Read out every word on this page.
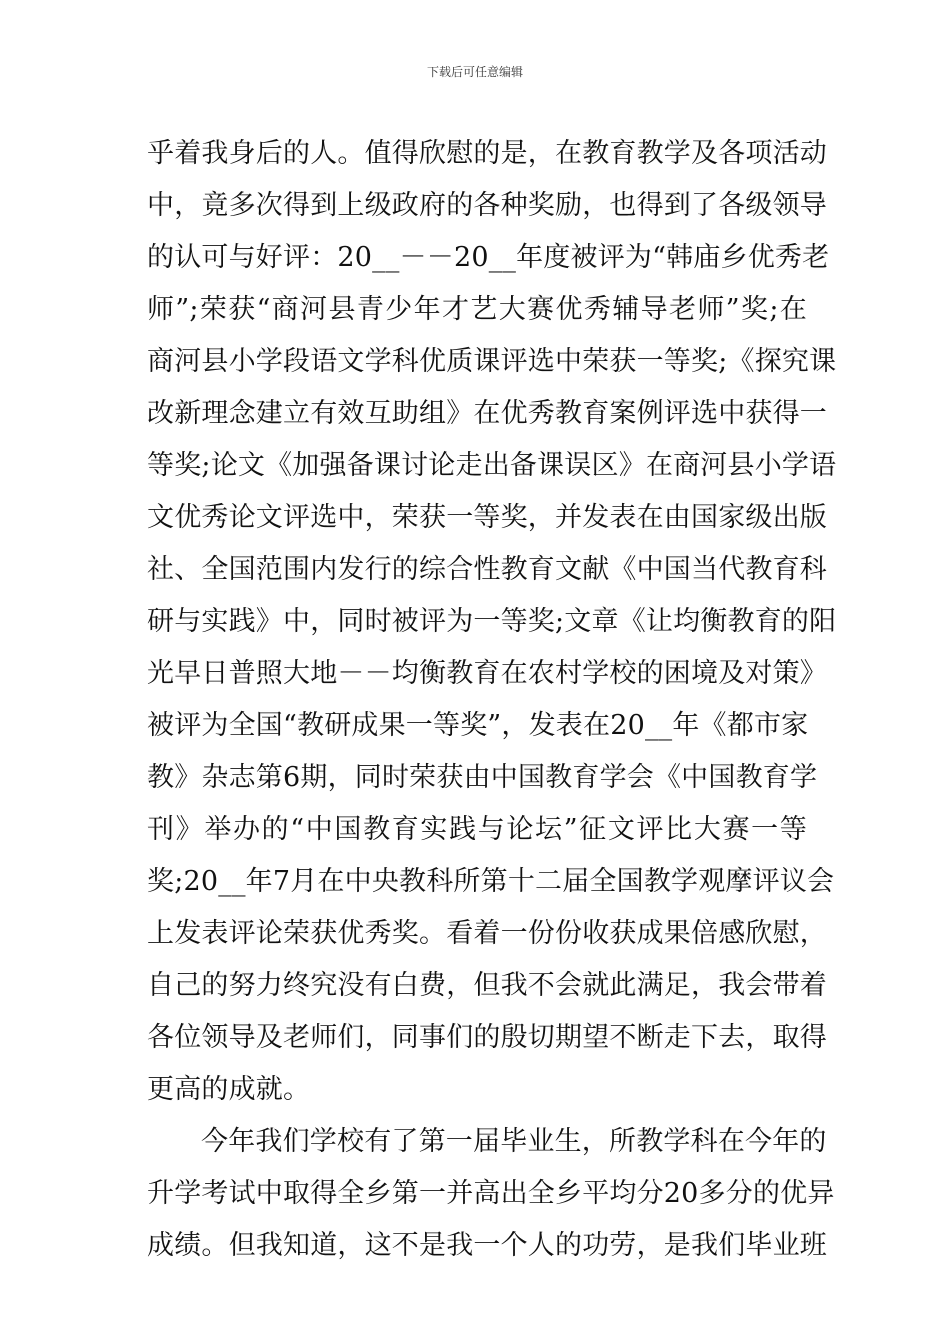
下载后可任意编辑
乎着我身后的人。值得欣慰的是，在教育教学及各项活动
中，竟多次得到上级政府的各种奖励，也得到了各级领导
的认可与好评：20__－－20__年度被评为“韩庙乡优秀老
师”;荣获“商河县青少年才艺大赛优秀辅导老师”奖;在
商河县小学段语文学科优质课评选中荣获一等奖;《探究课
改新理念建立有效互助组》在优秀教育案例评选中获得一
等奖;论文《加强备课讨论走出备课误区》在商河县小学语
文优秀论文评选中，荣获一等奖，并发表在由国家级出版
社、全国范围内发行的综合性教育文献《中国当代教育科
研与实践》中，同时被评为一等奖;文章《让均衡教育的阳
光早日普照大地－－均衡教育在农村学校的困境及对策》
被评为全国“教研成果一等奖”，发表在20__年《都市家
教》杂志第6期，同时荣获由中国教育学会《中国教育学
刊》举办的“中国教育实践与论坛”征文评比大赛一等
奖;20__年7月在中央教科所第十二届全国教学观摩评议会
上发表评论荣获优秀奖。看着一份份收获成果倍感欣慰，
自己的努力终究没有白费，但我不会就此满足，我会带着
各位领导及老师们，同事们的殷切期望不断走下去，取得
更高的成就。
今年我们学校有了第一届毕业生，所教学科在今年的
升学考试中取得全乡第一并高出全乡平均分20多分的优异
成绩。但我知道，这不是我一个人的功劳，是我们毕业班
